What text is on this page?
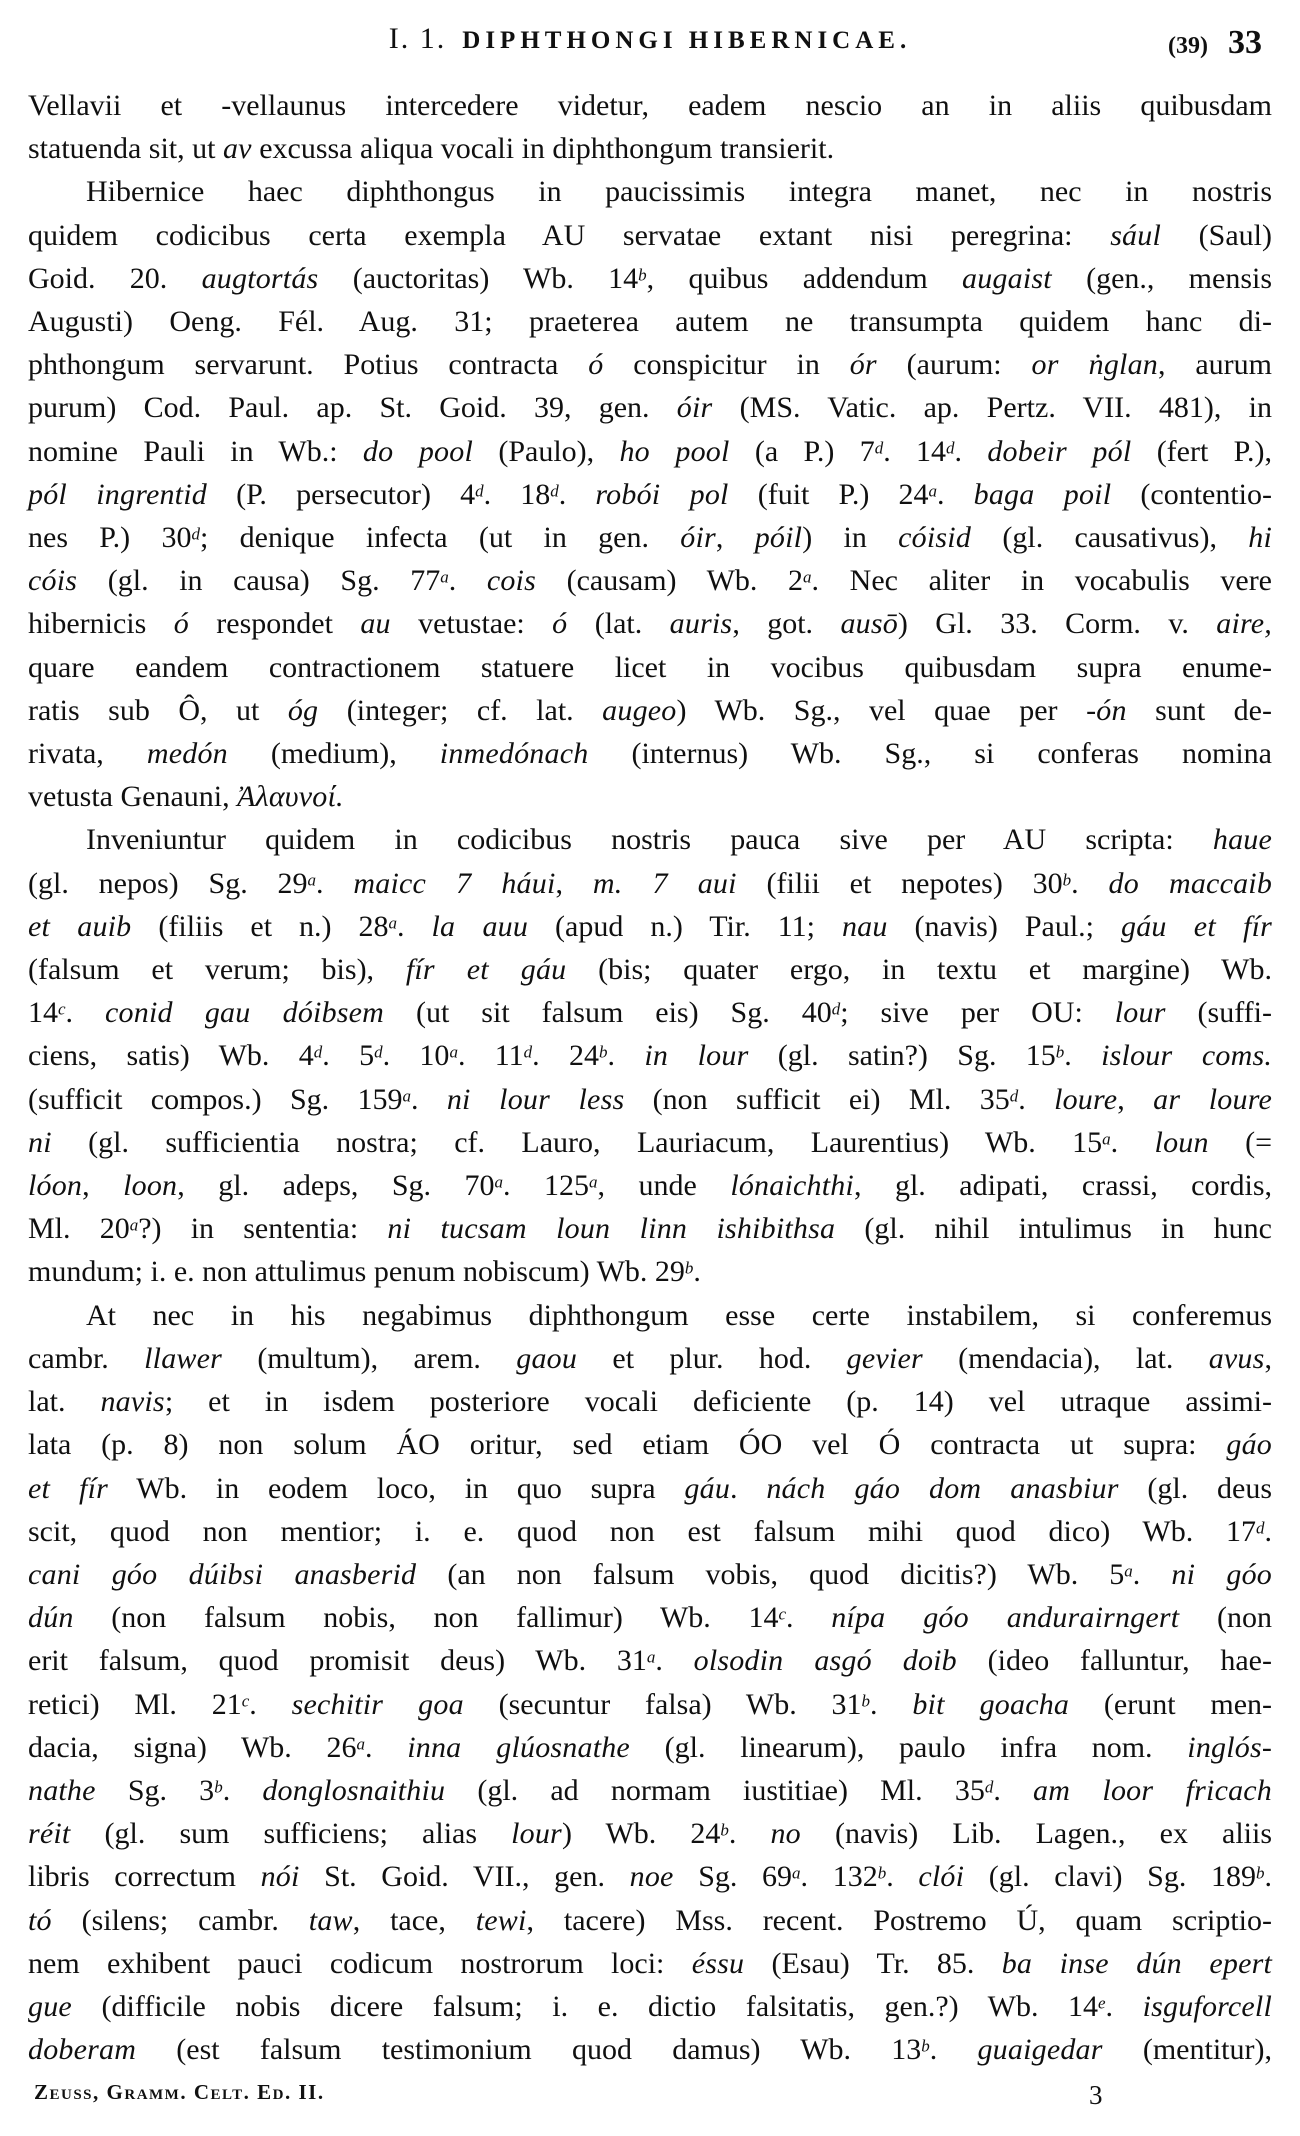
I. 1. DIPHTHONGI HIBERNICAE.	(39) 33
Vellavii et -vellaunus intercedere videtur, eadem nescio an in aliis quibusdam
statuenda sit, ut av excussa aliqua vocali in diphthongum transierit.
Hibernice haec diphthongus in paucissimis integra manet, nec in nostris
quidem codicibus certa exempla AU servatae extant nisi peregrina: sául (Saul)
Goid. 20. augtortás (auctoritas) Wb. 14$^b$, quibus addendum augaist (gen., mensis
Augusti) Oeng. Fél. Aug. 31; praeterea autem ne transumpta quidem hanc di-
phthongum servarunt. Potius contracta ó conspicitur in ór (aurum: or ṅglan, aurum
purum) Cod. Paul. ap. St. Goid. 39, gen. óir (MS. Vatic. ap. Pertz. VII. 481), in
nomine Pauli in Wb.: do pool (Paulo), ho pool (a P.) 7$^d$. 14$^d$. dobeir pól (fert P.),
pól ingrentid (P. persecutor) 4$^d$. 18$^d$. robói pol (fuit P.) 24$^a$. baga poil (contentio-
nes P.) 30$^d$; denique infecta (ut in gen. óir, póil) in cóisid (gl. causativus), hi
cóis (gl. in causa) Sg. 77$^a$. cois (causam) Wb. 2$^a$. Nec aliter in vocabulis vere
hibernicis ó respondet au vetustae: ó (lat. auris, got. ausō) Gl. 33. Corm. v. aire,
quare eandem contractionem statuere licet in vocibus quibusdam supra enume-
ratis sub Ô, ut óg (integer; cf. lat. augeo) Wb. Sg., vel quae per -ón sunt de-
rivata, medón (medium), inmedónach (internus) Wb. Sg., si conferas nomina
vetusta Genauni, Ἀλαυνοί.
Inveniuntur quidem in codicibus nostris pauca sive per AU scripta: haue
(gl. nepos) Sg. 29$^a$. maicc 7 háui, m. 7 aui (filii et nepotes) 30$^b$. do maccaib
et auib (filiis et n.) 28$^a$. la auu (apud n.) Tir. 11; nau (navis) Paul.; gáu et fír
(falsum et verum; bis), fír et gáu (bis; quater ergo, in textu et margine) Wb.
14$^c$. conid gau dóibsem (ut sit falsum eis) Sg. 40$^d$; sive per OU: lour (suffi-
ciens, satis) Wb. 4$^d$. 5$^d$. 10$^a$. 11$^d$. 24$^b$. in lour (gl. satin?) Sg. 15$^b$. islour coms.
(sufficit compos.) Sg. 159$^a$. ni lour less (non sufficit ei) Ml. 35$^d$. loure, ar loure
ni (gl. sufficientia nostra; cf. Lauro, Lauriacum, Laurentius) Wb. 15$^a$. loun (=
lóon, loon, gl. adeps, Sg. 70$^a$. 125$^a$, unde lónaichthi, gl. adipati, crassi, cordis,
Ml. 20$^a$?) in sententia: ni tucsam loun linn ishibithsa (gl. nihil intulimus in hunc
mundum; i. e. non attulimus penum nobiscum) Wb. 29$^b$.
At nec in his negabimus diphthongum esse certe instabilem, si conferemus
cambr. llawer (multum), arem. gaou et plur. hod. gevier (mendacia), lat. avus,
lat. navis; et in isdem posteriore vocali deficiente (p. 14) vel utraque assimi-
lata (p. 8) non solum ÁO oritur, sed etiam ÓO vel Ó contracta ut supra: gáo
et fír Wb. in eodem loco, in quo supra gáu. nách gáo dom anasbiur (gl. deus
scit, quod non mentior; i. e. quod non est falsum mihi quod dico) Wb. 17$^d$.
cani góo dúibsi anasberid (an non falsum vobis, quod dicitis?) Wb. 5$^a$. ni góo
dún (non falsum nobis, non fallimur) Wb. 14$^c$. nípa góo andurairngert (non
erit falsum, quod promisit deus) Wb. 31$^a$. olsodin asgó doib (ideo falluntur, hae-
retici) Ml. 21$^c$. sechitir goa (secuntur falsa) Wb. 31$^b$. bit goacha (erunt men-
dacia, signa) Wb. 26$^a$. inna glúosnathe (gl. linearum), paulo infra nom. inglós-
nathe Sg. 3$^b$. donglosnaithiu (gl. ad normam iustitiae) Ml. 35$^d$. am loor fricach
réit (gl. sum sufficiens; alias lour) Wb. 24$^b$. no (navis) Lib. Lagen., ex aliis
libris correctum nói St. Goid. VII., gen. noe Sg. 69$^a$. 132$^b$. clói (gl. clavi) Sg. 189$^b$.
tó (silens; cambr. taw, tace, tewi, tacere) Mss. recent. Postremo Ú, quam scriptio-
nem exhibent pauci codicum nostrorum loci: éssu (Esau) Tr. 85. ba inse dún epert
gue (difficile nobis dicere falsum; i. e. dictio falsitatis, gen.?) Wb. 14e. isguforcell
doberam (est falsum testimonium quod damus) Wb. 13$^b$. guaigedar (mentitur),
Zeuss, Gramm. Celt. Ed. II.	3
